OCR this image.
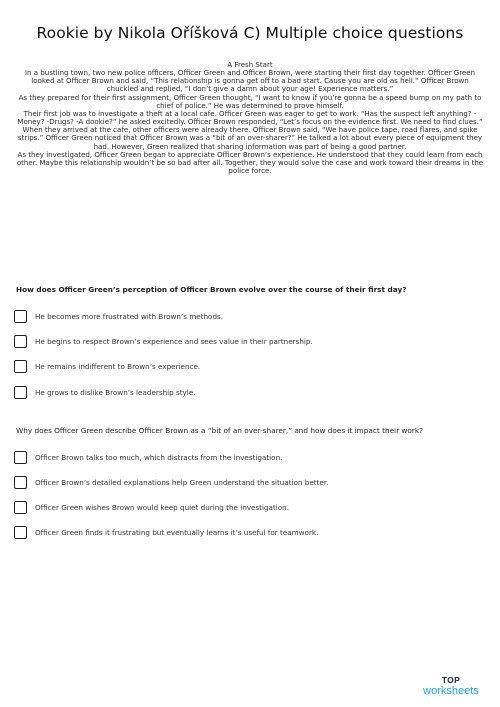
Rookie by Nikola Oříšková C) Multiple choice questions

A Fresh Start

In a bustling town, two new police officers, Officer Green and Officer Brown, were starting their first day together. Officer Green looked at Officer Brown and said, “This relationship is gonna get off to a bad start. Cause you are old as hell.” Officer Brown chuckled and replied, “I don’t give a damn about your age! Experience matters.”

As they prepared for their first assignment, Officer Green thought, “I want to know if you’re gonna be a speed bump on my path to chief of police.” He was determined to prove himself.

Their first job was to investigate a theft at a local cafe. Officer Green was eager to get to work. “Has the suspect left anything? -Money? -Drugs? -A dookie?” he asked excitedly. Officer Brown responded, “Let’s focus on the evidence first. We need to find clues.”

When they arrived at the cafe, other officers were already there. Officer Brown said, “We have police tape, road flares, and spike strips.” Officer Green noticed that Officer Brown was a “bit of an over-sharer?” He talked a lot about every piece of equipment they had. However, Green realized that sharing information was part of being a good partner.

As they investigated, Officer Green began to appreciate Officer Brown’s experience. He understood that they could learn from each other. Maybe this relationship wouldn’t be so bad after all. Together, they would solve the case and work toward their dreams in the police force.

How does Officer Green’s perception of Officer Brown evolve over the course of their first day?

He becomes more frustrated with Brown’s methods.
He begins to respect Brown’s experience and sees value in their partnership.
He remains indifferent to Brown’s experience.
He grows to dislike Brown’s leadership style.

Why does Officer Green describe Officer Brown as a “bit of an over-sharer,” and how does it impact their work?

Officer Brown talks too much, which distracts from the investigation.
Officer Brown’s detailed explanations help Green understand the situation better.
Officer Green wishes Brown would keep quiet during the investigation.
Officer Green finds it frustrating but eventually learns it’s useful for teamwork.
TOP
worksheets
